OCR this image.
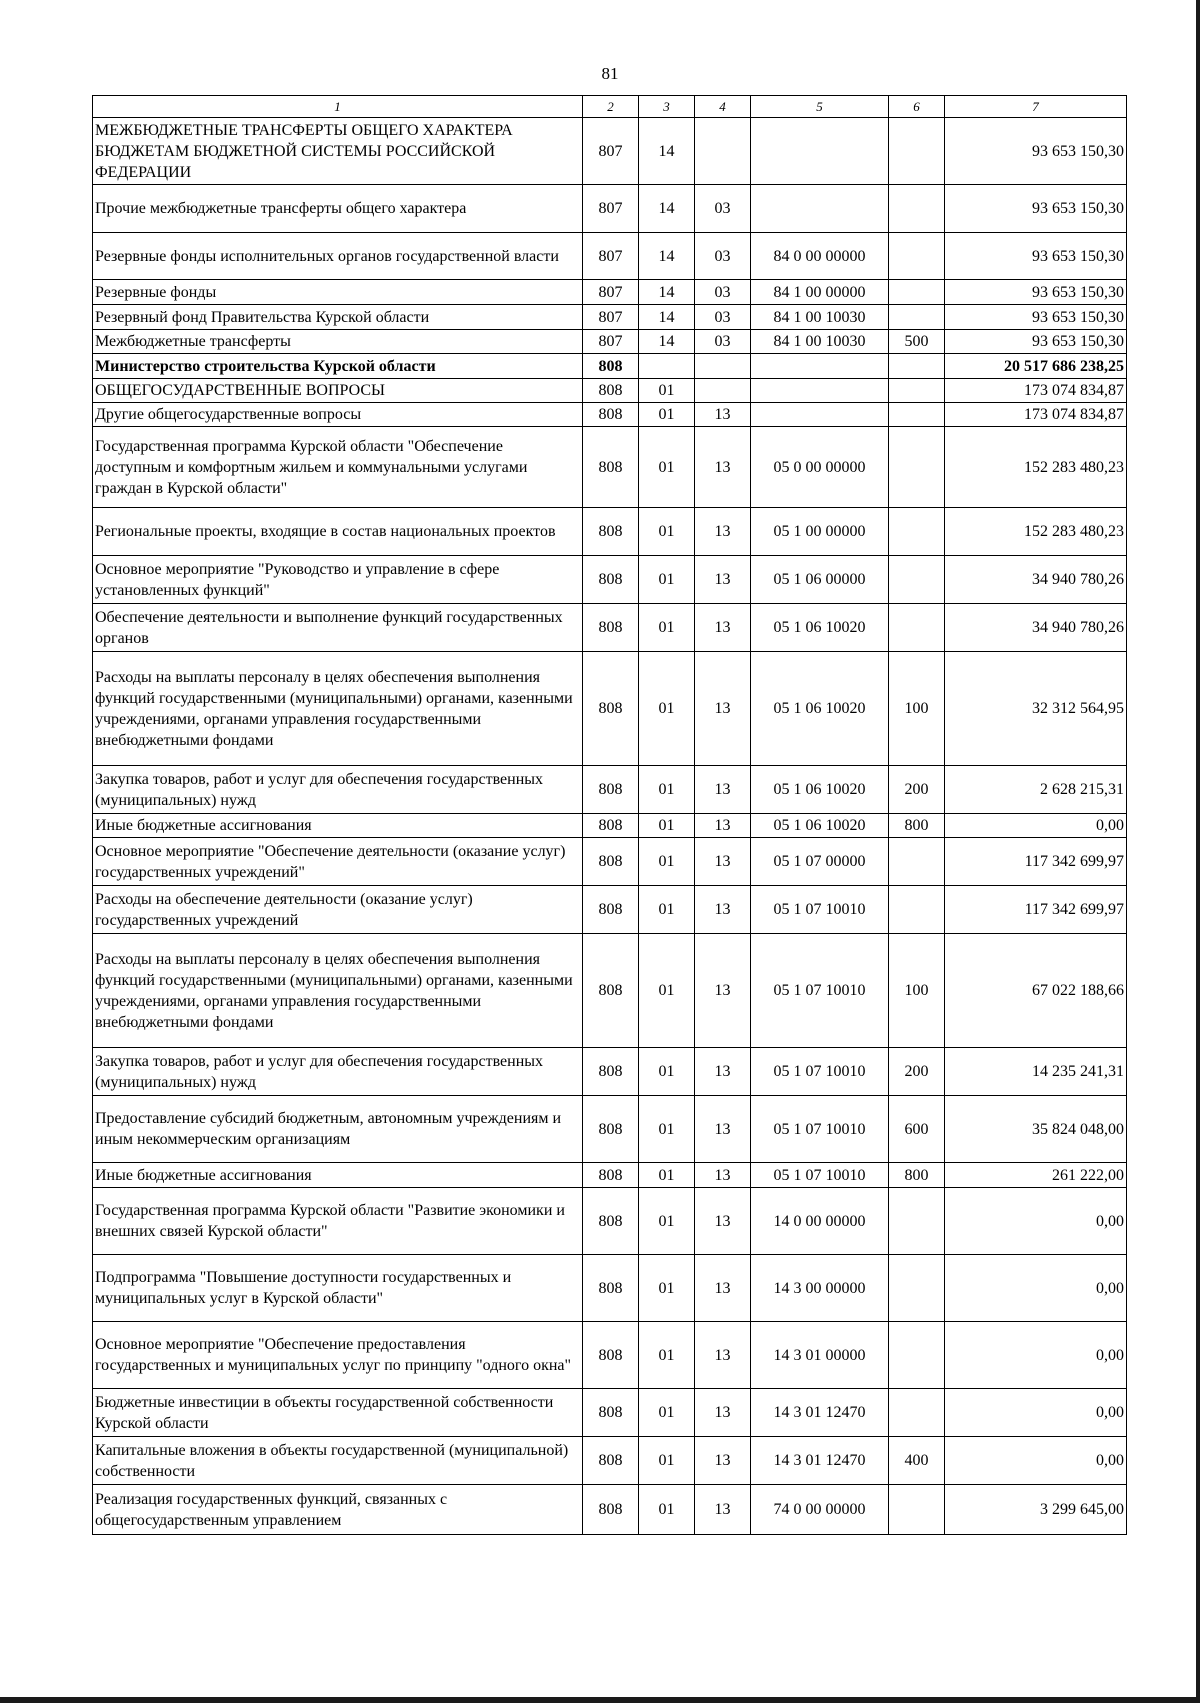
81
1	2	3	4	5	6	7
МЕЖБЮДЖЕТНЫЕ ТРАНСФЕРТЫ ОБЩЕГО ХАРАКТЕРА БЮДЖЕТАМ БЮДЖЕТНОЙ СИСТЕМЫ РОССИЙСКОЙ ФЕДЕРАЦИИ	807	14				93 653 150,30
Прочие межбюджетные трансферты общего характера	807	14	03			93 653 150,30
Резервные фонды исполнительных органов государственной власти	807	14	03	84 0 00 00000		93 653 150,30
Резервные фонды	807	14	03	84 1 00 00000		93 653 150,30
Резервный фонд Правительства Курской области	807	14	03	84 1 00 10030		93 653 150,30
Межбюджетные трансферты	807	14	03	84 1 00 10030	500	93 653 150,30
Министерство строительства Курской области	808					20 517 686 238,25
ОБЩЕГОСУДАРСТВЕННЫЕ ВОПРОСЫ	808	01				173 074 834,87
Другие общегосударственные вопросы	808	01	13			173 074 834,87
Государственная программа Курской области "Обеспечение доступным и комфортным жильем и коммунальными услугами граждан в Курской области"	808	01	13	05 0 00 00000		152 283 480,23
Региональные проекты, входящие в состав национальных проектов	808	01	13	05 1 00 00000		152 283 480,23
Основное мероприятие "Руководство и управление в сфере установленных функций"	808	01	13	05 1 06 00000		34 940 780,26
Обеспечение деятельности и выполнение функций государственных органов	808	01	13	05 1 06 10020		34 940 780,26
Расходы на выплаты персоналу в целях обеспечения выполнения функций государственными (муниципальными) органами, казенными учреждениями, органами управления государственными внебюджетными фондами	808	01	13	05 1 06 10020	100	32 312 564,95
Закупка товаров, работ и услуг для обеспечения государственных (муниципальных) нужд	808	01	13	05 1 06 10020	200	2 628 215,31
Иные бюджетные ассигнования	808	01	13	05 1 06 10020	800	0,00
Основное мероприятие "Обеспечение деятельности (оказание услуг) государственных учреждений"	808	01	13	05 1 07 00000		117 342 699,97
Расходы на обеспечение деятельности (оказание услуг) государственных учреждений	808	01	13	05 1 07 10010		117 342 699,97
Расходы на выплаты персоналу в целях обеспечения выполнения функций государственными (муниципальными) органами, казенными учреждениями, органами управления государственными внебюджетными фондами	808	01	13	05 1 07 10010	100	67 022 188,66
Закупка товаров, работ и услуг для обеспечения государственных (муниципальных) нужд	808	01	13	05 1 07 10010	200	14 235 241,31
Предоставление субсидий бюджетным, автономным учреждениям и иным некоммерческим организациям	808	01	13	05 1 07 10010	600	35 824 048,00
Иные бюджетные ассигнования	808	01	13	05 1 07 10010	800	261 222,00
Государственная программа Курской области "Развитие экономики и внешних связей Курской области"	808	01	13	14 0 00 00000		0,00
Подпрограмма "Повышение доступности государственных и муниципальных услуг в Курской области"	808	01	13	14 3 00 00000		0,00
Основное мероприятие "Обеспечение предоставления государственных и муниципальных услуг по принципу "одного окна"	808	01	13	14 3 01 00000		0,00
Бюджетные инвестиции в объекты государственной собственности Курской области	808	01	13	14 3 01 12470		0,00
Капитальные вложения в объекты государственной (муниципальной) собственности	808	01	13	14 3 01 12470	400	0,00
Реализация государственных функций, связанных с общегосударственным управлением	808	01	13	74 0 00 00000		3 299 645,00
